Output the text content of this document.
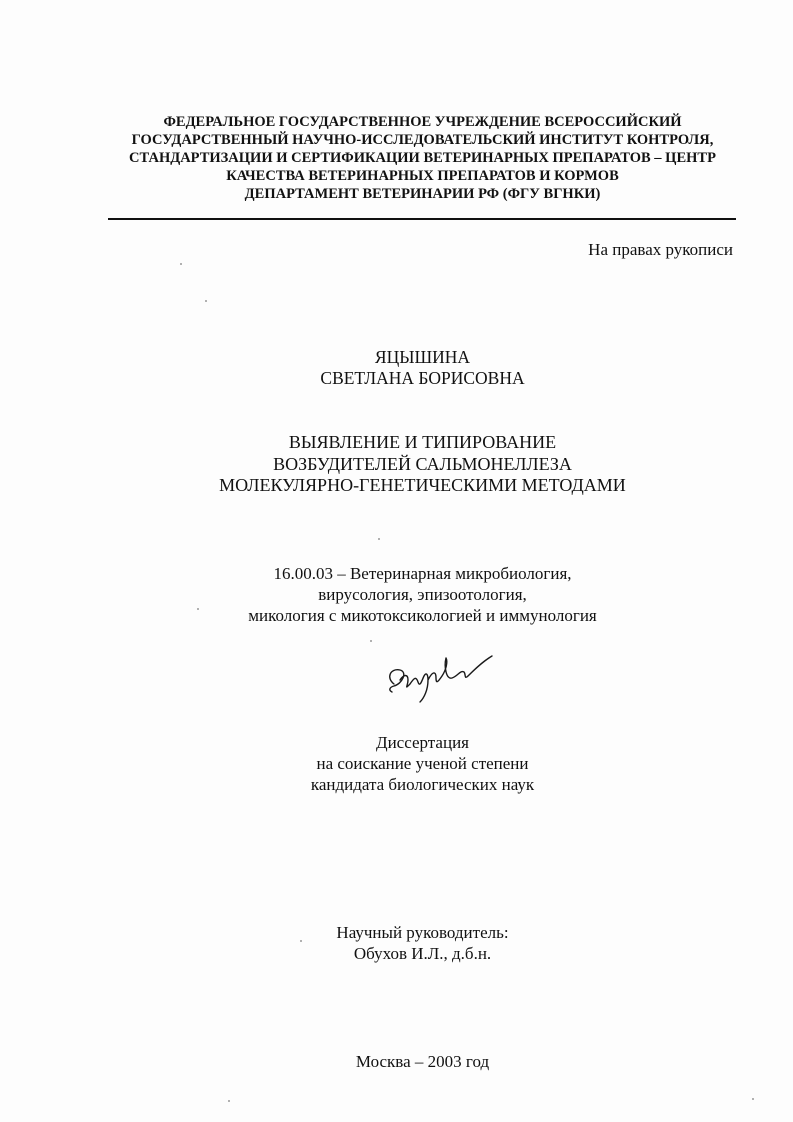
ФЕДЕРАЛЬНОЕ ГОСУДАРСТВЕННОЕ УЧРЕЖДЕНИЕ ВСЕРОССИЙСКИЙ
ГОСУДАРСТВЕННЫЙ НАУЧНО-ИССЛЕДОВАТЕЛЬСКИЙ ИНСТИТУТ КОНТРОЛЯ,
СТАНДАРТИЗАЦИИ И СЕРТИФИКАЦИИ ВЕТЕРИНАРНЫХ ПРЕПАРАТОВ – ЦЕНТР
КАЧЕСТВА ВЕТЕРИНАРНЫХ ПРЕПАРАТОВ И КОРМОВ
ДЕПАРТАМЕНТ ВЕТЕРИНАРИИ РФ (ФГУ ВГНКИ)
На правах рукописи
ЯЦЫШИНА
СВЕТЛАНА БОРИСОВНА
ВЫЯВЛЕНИЕ И ТИПИРОВАНИЕ
ВОЗБУДИТЕЛЕЙ САЛЬМОНЕЛЛЕЗА
МОЛЕКУЛЯРНО-ГЕНЕТИЧЕСКИМИ МЕТОДАМИ
16.00.03 – Ветеринарная микробиология,
вирусология, эпизоотология,
микология с микотоксикологией и иммунология
Диссертация
на соискание ученой степени
кандидата биологических наук
Научный руководитель:
Обухов И.Л., д.б.н.
Москва – 2003 год
